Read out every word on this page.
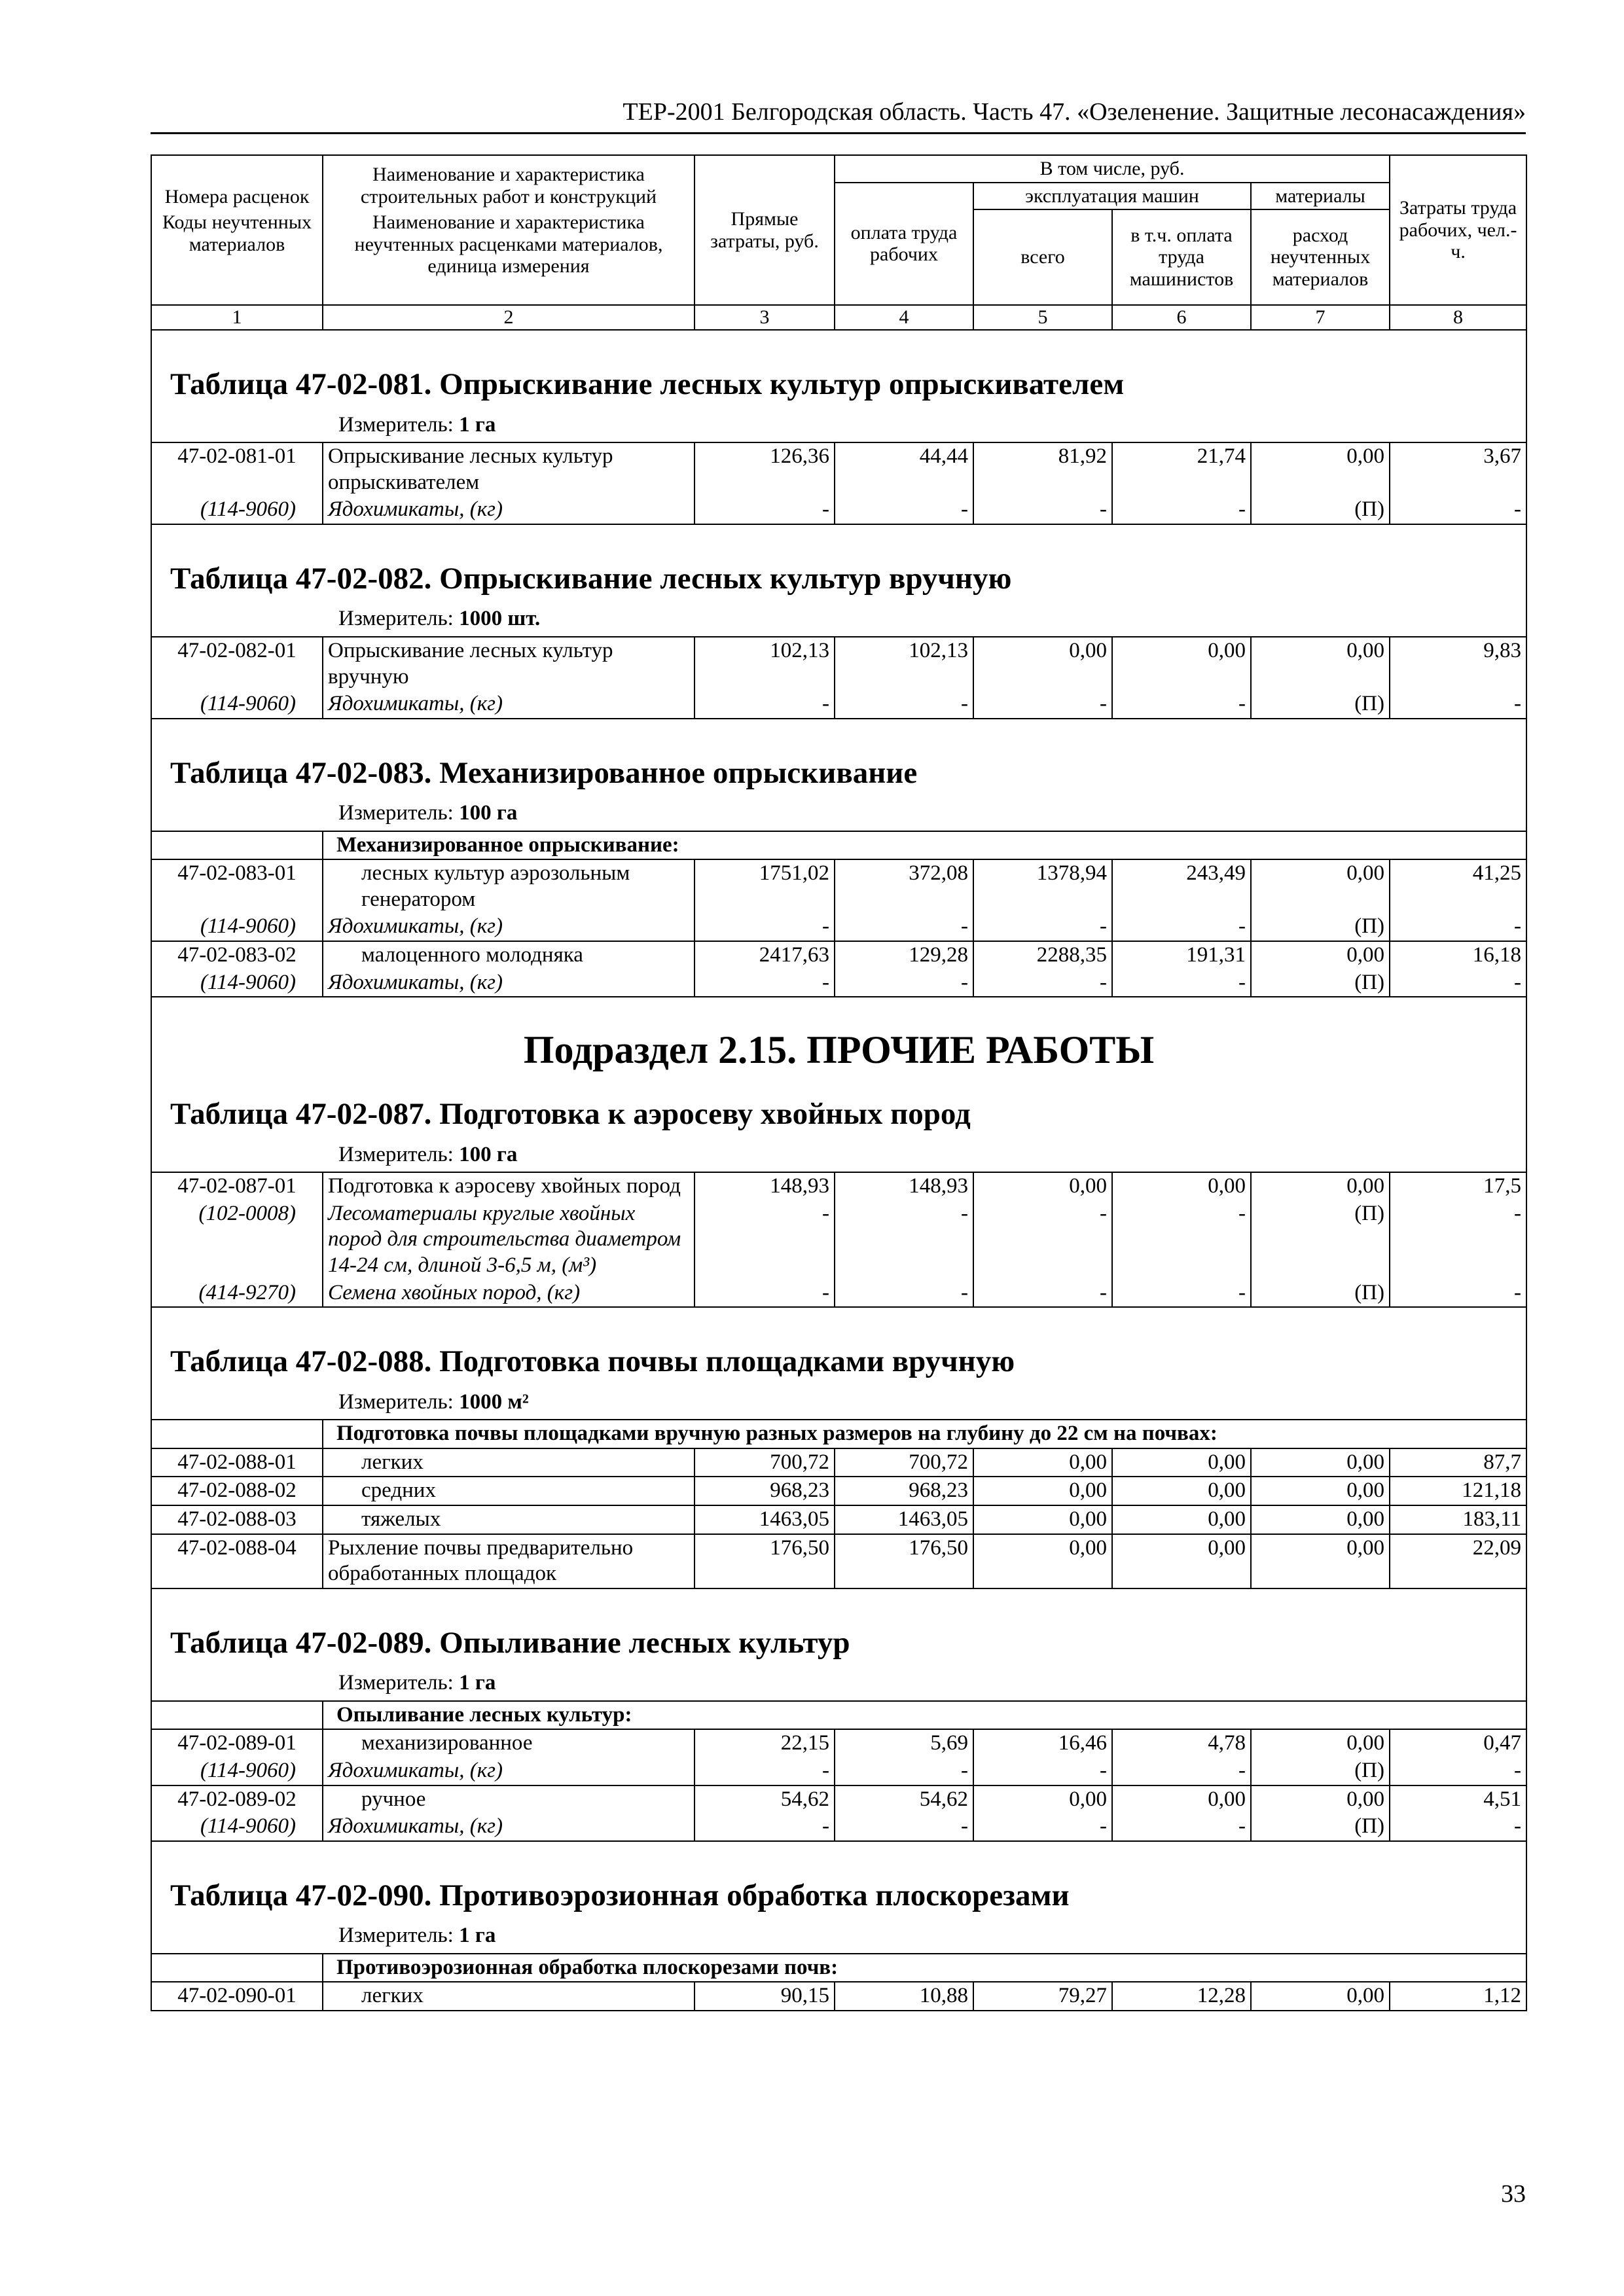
ТЕР-2001 Белгородская область. Часть 47. «Озеленение. Защитные лесонасаждения»
Номера расценок	Наименование и характеристика строительных работ и конструкций	Прямые затраты, руб.	В том числе, руб.				Затраты труда рабочих, чел.-ч.
			оплата труда рабочих	эксплуатация машин		материалы	
Коды неучтенных материалов	Наименование и характеристика неучтенных расценками материалов, единица измерения			всего	в т.ч. оплата труда машинистов	расход неучтенных материалов	

1	2	3	4	5	6	7	8
Таблица 47-02-081. Опрыскивание лесных культур опрыскивателем							
Измеритель: 1 га							
47-02-081-01	Опрыскивание лесных культур опрыскивателем	126,36	44,44	81,92	21,74	0,00	3,67
(114-9060)	Ядохимикаты, (кг)	-	-	-	-	(П)	-
Таблица 47-02-082. Опрыскивание лесных культур вручную							
Измеритель: 1000 шт.							
47-02-082-01	Опрыскивание лесных культур вручную	102,13	102,13	0,00	0,00	0,00	9,83
(114-9060)	Ядохимикаты, (кг)	-	-	-	-	(П)	-
Таблица 47-02-083. Механизированное опрыскивание							
Измеритель: 100 га							
	Механизированное опрыскивание:						
47-02-083-01	лесных культур аэрозольным генератором	1751,02	372,08	1378,94	243,49	0,00	41,25
(114-9060)	Ядохимикаты, (кг)	-	-	-	-	(П)	-
47-02-083-02	малоценного молодняка	2417,63	129,28	2288,35	191,31	0,00	16,18
(114-9060)	Ядохимикаты, (кг)	-	-	-	-	(П)	-
Подраздел 2.15. ПРОЧИЕ РАБОТЫ							
Таблица 47-02-087. Подготовка к аэросеву хвойных пород							
Измеритель: 100 га							
47-02-087-01	Подготовка к аэросеву хвойных пород	148,93	148,93	0,00	0,00	0,00	17,5
(102-0008)	Лесоматериалы круглые хвойных пород для строительства диаметром 14-24 см, длиной 3-6,5 м, (м³)	-	-	-	-	(П)	-
(414-9270)	Семена хвойных пород, (кг)	-	-	-	-	(П)	-
Таблица 47-02-088. Подготовка почвы площадками вручную							
Измеритель: 1000 м²							
	Подготовка почвы площадками вручную разных размеров на глубину до 22 см на почвах:						
47-02-088-01	легких	700,72	700,72	0,00	0,00	0,00	87,7
47-02-088-02	средних	968,23	968,23	0,00	0,00	0,00	121,18
47-02-088-03	тяжелых	1463,05	1463,05	0,00	0,00	0,00	183,11
47-02-088-04	Рыхление почвы предварительно обработанных площадок	176,50	176,50	0,00	0,00	0,00	22,09
Таблица 47-02-089. Опыливание лесных культур							
Измеритель: 1 га							
	Опыливание лесных культур:						
47-02-089-01	механизированное	22,15	5,69	16,46	4,78	0,00	0,47
(114-9060)	Ядохимикаты, (кг)	-	-	-	-	(П)	-
47-02-089-02	ручное	54,62	54,62	0,00	0,00	0,00	4,51
(114-9060)	Ядохимикаты, (кг)	-	-	-	-	(П)	-
Таблица 47-02-090. Противоэрозионная обработка плоскорезами							
Измеритель: 1 га							
	Противоэрозионная обработка плоскорезами почв:						
47-02-090-01	легких	90,15	10,88	79,27	12,28	0,00	1,12
33
